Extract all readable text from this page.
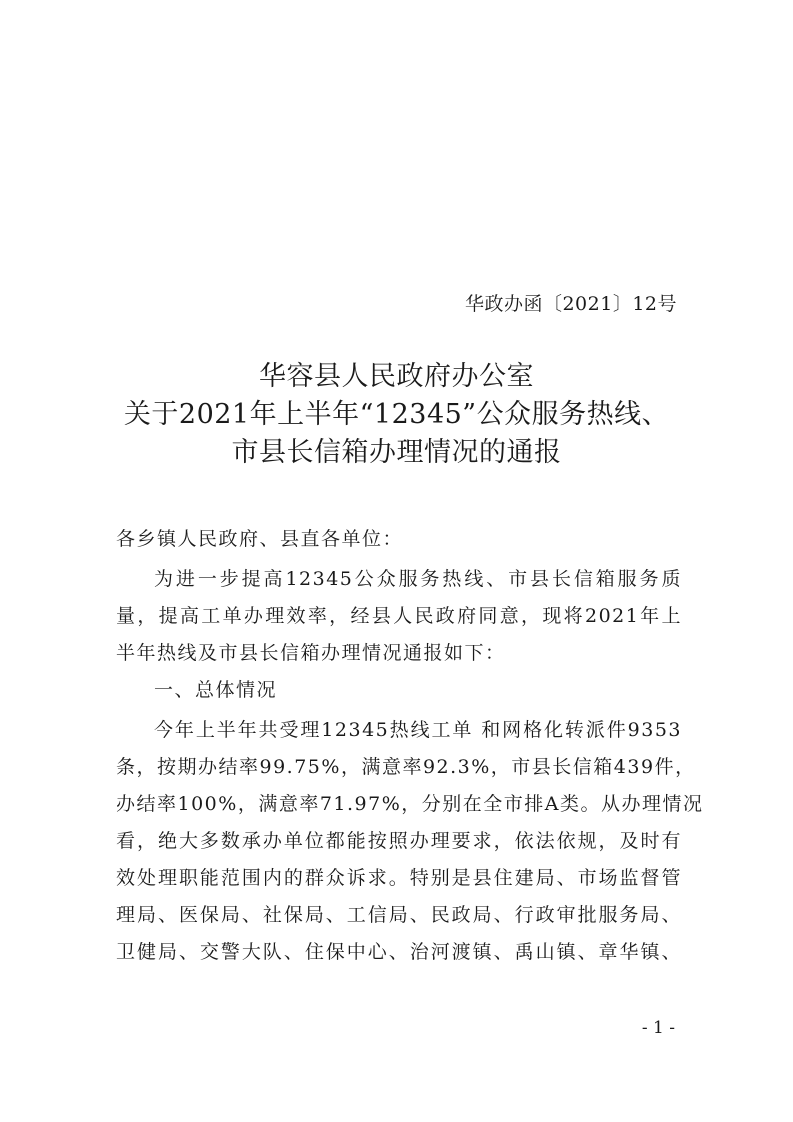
华政办函〔2021〕12号
华容县人民政府办公室
关于2021年上半年“12345”公众服务热线、
市县长信箱办理情况的通报
各乡镇人民政府、县直各单位：
为进一步提高12345公众服务热线、市县长信箱服务质
量，提高工单办理效率，经县人民政府同意，现将2021年上
半年热线及市县长信箱办理情况通报如下：
一、总体情况
今年上半年共受理12345热线工单 和网格化转派件9353
条，按期办结率99.75%，满意率92.3%，市县长信箱439件，
办结率100%，满意率71.97%，分别在全市排A类。从办理情况
看，绝大多数承办单位都能按照办理要求，依法依规，及时有
效处理职能范围内的群众诉求。特别是县住建局、市场监督管
理局、医保局、社保局、工信局、民政局、行政审批服务局、
卫健局、交警大队、住保中心、治河渡镇、禹山镇、章华镇、
- 1 -
